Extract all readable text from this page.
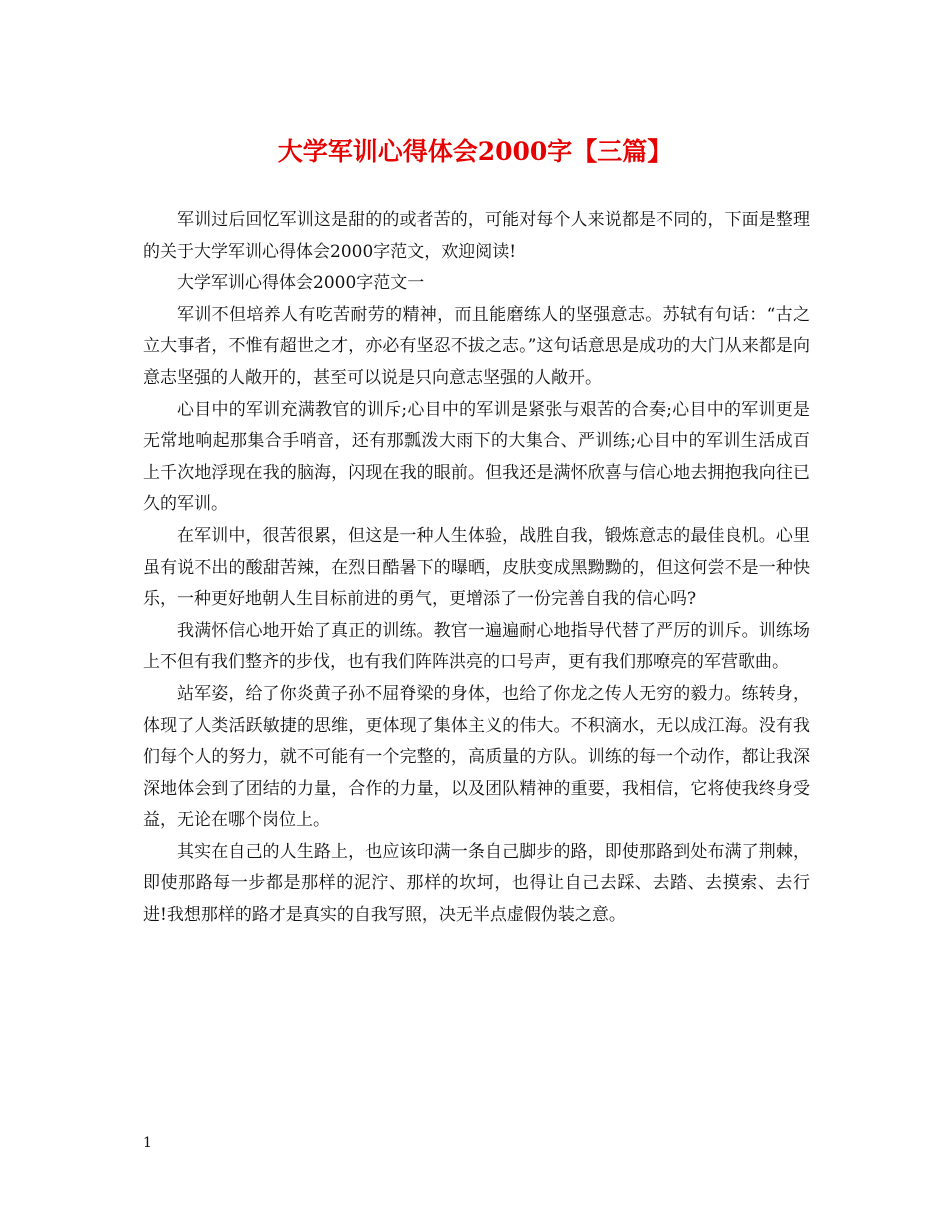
大学军训心得体会2000字【三篇】

军训过后回忆军训这是甜的的或者苦的，可能对每个人来说都是不同的，下面是整理的关于大学军训心得体会2000字范文，欢迎阅读!

大学军训心得体会2000字范文一

军训不但培养人有吃苦耐劳的精神，而且能磨练人的坚强意志。苏轼有句话：“古之立大事者，不惟有超世之才，亦必有坚忍不拔之志。”这句话意思是成功的大门从来都是向意志坚强的人敞开的，甚至可以说是只向意志坚强的人敞开。

心目中的军训充满教官的训斥;心目中的军训是紧张与艰苦的合奏;心目中的军训更是无常地响起那集合手哨音，还有那瓢泼大雨下的大集合、严训练;心目中的军训生活成百上千次地浮现在我的脑海，闪现在我的眼前。但我还是满怀欣喜与信心地去拥抱我向往已久的军训。

在军训中，很苦很累，但这是一种人生体验，战胜自我，锻炼意志的最佳良机。心里虽有说不出的酸甜苦辣，在烈日酷暑下的曝晒，皮肤变成黑黝黝的，但这何尝不是一种快乐，一种更好地朝人生目标前进的勇气，更增添了一份完善自我的信心吗?

我满怀信心地开始了真正的训练。教官一遍遍耐心地指导代替了严厉的训斥。训练场上不但有我们整齐的步伐，也有我们阵阵洪亮的口号声，更有我们那嘹亮的军营歌曲。

站军姿，给了你炎黄子孙不屈脊梁的身体，也给了你龙之传人无穷的毅力。练转身，体现了人类活跃敏捷的思维，更体现了集体主义的伟大。不积滴水，无以成江海。没有我们每个人的努力，就不可能有一个完整的，高质量的方队。训练的每一个动作，都让我深深地体会到了团结的力量，合作的力量，以及团队精神的重要，我相信，它将使我终身受益，无论在哪个岗位上。

其实在自己的人生路上，也应该印满一条自己脚步的路，即使那路到处布满了荆棘，即使那路每一步都是那样的泥泞、那样的坎坷，也得让自己去踩、去踏、去摸索、去行进!我想那样的路才是真实的自我写照，决无半点虚假伪装之意。

1
